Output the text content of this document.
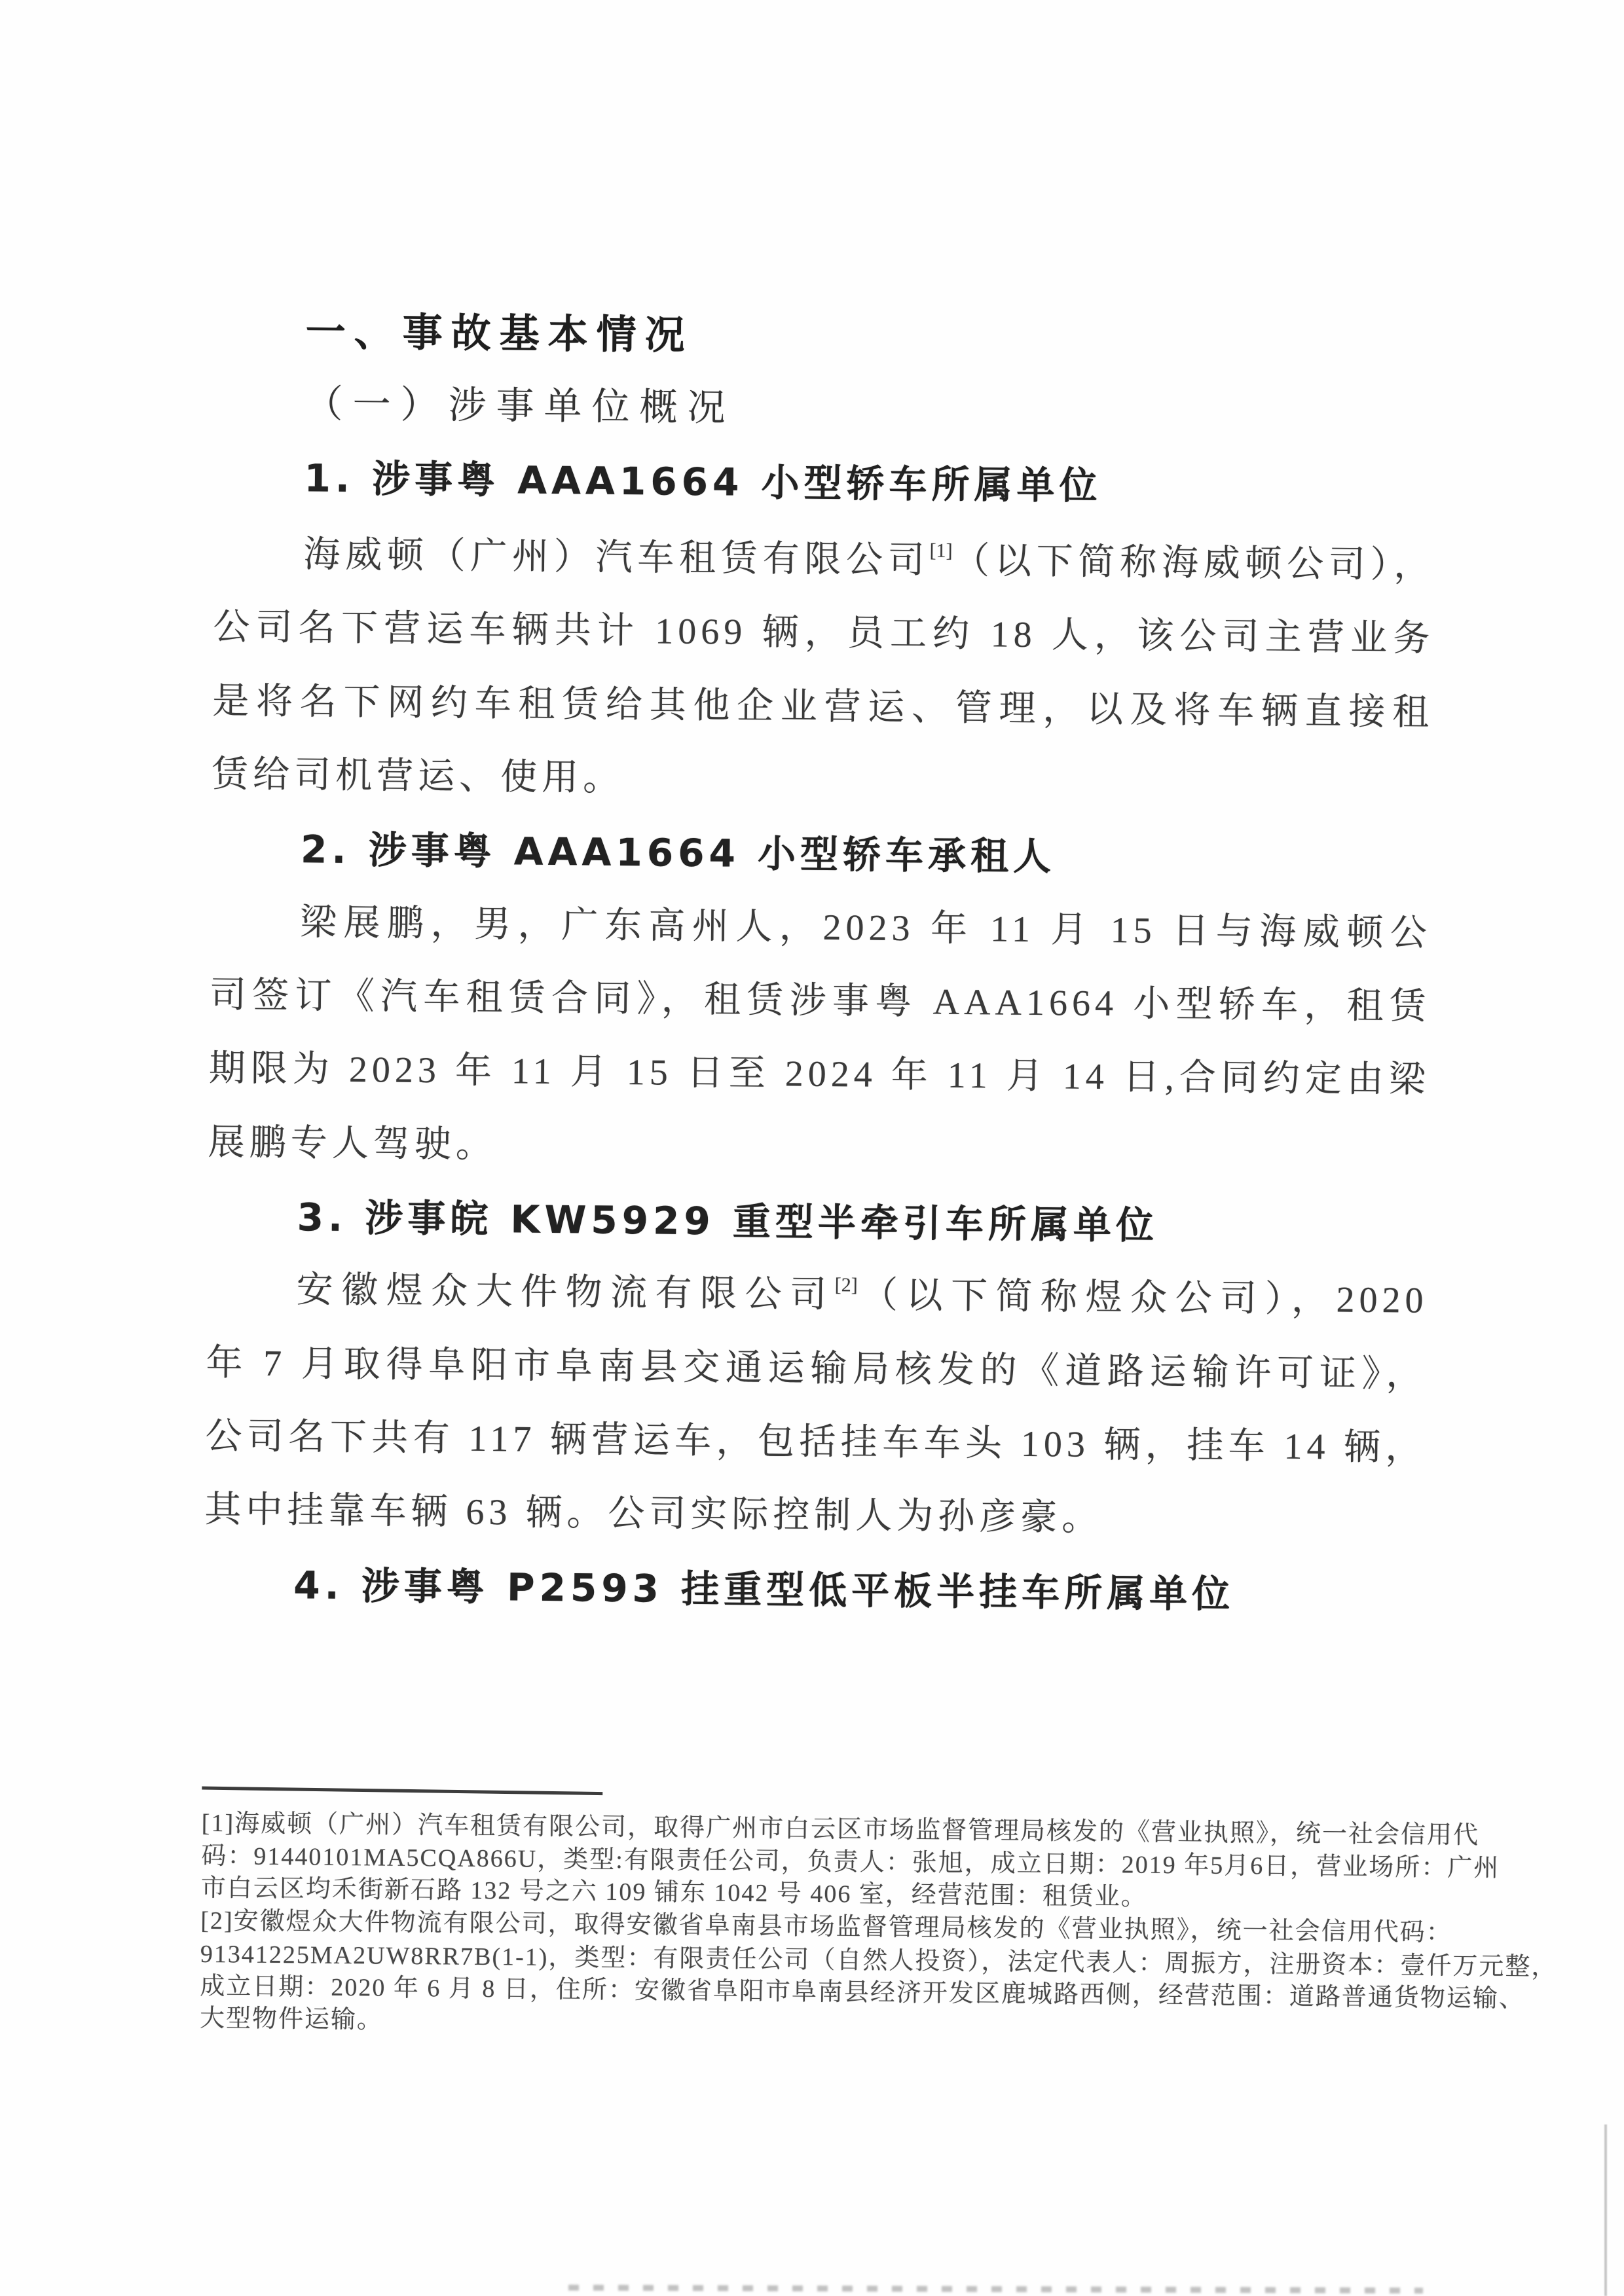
一、事故基本情况
（一）涉事单位概况
1. 涉事粤 AAA1664 小型轿车所属单位
海威顿（广州）汽车租赁有限公司[1]（以下简称海威顿公司），
公司名下营运车辆共计 1069 辆，员工约 18 人，该公司主营业务
是将名下网约车租赁给其他企业营运、管理，以及将车辆直接租
赁给司机营运、使用。
2. 涉事粤 AAA1664 小型轿车承租人
梁展鹏，男，广东高州人，2023 年 11 月 15 日与海威顿公
司签订《汽车租赁合同》，租赁涉事粤 AAA1664 小型轿车，租赁
期限为 2023 年 11 月 15 日至 2024 年 11 月 14 日,合同约定由梁
展鹏专人驾驶。
3. 涉事皖 KW5929 重型半牵引车所属单位
安徽煜众大件物流有限公司[2]（以下简称煜众公司），2020
年 7 月取得阜阳市阜南县交通运输局核发的《道路运输许可证》，
公司名下共有 117 辆营运车，包括挂车车头 103 辆，挂车 14 辆，
其中挂靠车辆 63 辆。公司实际控制人为孙彦豪。
4. 涉事粤 P2593 挂重型低平板半挂车所属单位
[1]海威顿（广州）汽车租赁有限公司，取得广州市白云区市场监督管理局核发的《营业执照》，统一社会信用代
码：91440101MA5CQA866U，类型:有限责任公司，负责人：张旭，成立日期：2019 年5月6日，营业场所：广州
市白云区均禾街新石路 132 号之六 109 铺东 1042 号 406 室，经营范围：租赁业。
[2]安徽煜众大件物流有限公司，取得安徽省阜南县市场监督管理局核发的《营业执照》，统一社会信用代码：
91341225MA2UW8RR7B(1-1)，类型：有限责任公司（自然人投资），法定代表人：周振方，注册资本：壹仟万元整，
成立日期：2020 年 6 月 8 日，住所：安徽省阜阳市阜南县经济开发区鹿城路西侧，经营范围：道路普通货物运输、
大型物件运输。
